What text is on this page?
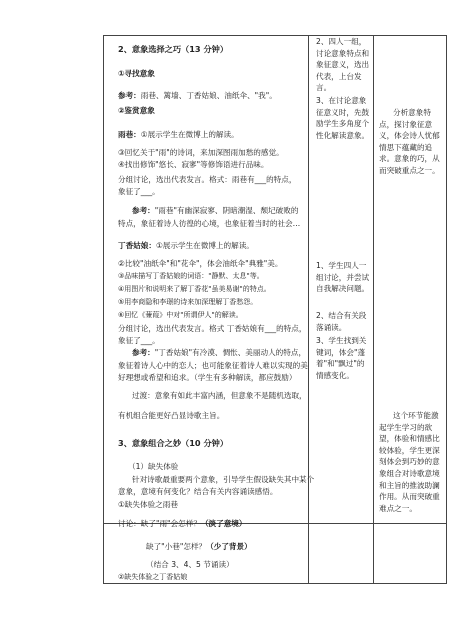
2、意象选择之巧（13 分钟）
①寻找意象
参考：雨巷、篱墙、丁香姑娘、油纸伞、"我"。
②鉴赏意象
雨巷：①展示学生在微博上的解读。
③回忆关于"雨"的诗词，来加深图雨加愁的感觉。
④找出修饰"悠长、寂寥"等修饰语进行品味。
分组讨论，选出代表发言。格式：雨巷有___的特点，
象征了___。
参考："雨巷"有幽深寂寥、阴暗潮湿、颓圮破败的
特点，象征着诗人彷徨的心境，也象征着当时的社会…
丁香姑娘：①展示学生在微博上的解读。
②比较"油纸伞"和"花伞"，体会油纸伞"典雅"美。
③品味描写丁香姑娘的词语："静默、太息"等。
④用图片和说明来了解丁香花"虽美易谢"的特点。
⑤用李商隐和李璟的诗来加深理解丁香愁怨。
⑥回忆《蒹葭》中对"所谓伊人"的解读。
分组讨论，选出代表发言。格式 丁香姑娘有___的特点，
象征了___。
参考："丁香姑娘"有冷漠、惆怅、美丽动人的特点，
象征着诗人心中的恋人；也可能象征着诗人难以实现的美
好理想或希望和追求。（学生有多种解读，都应鼓励）
过渡：意象有如此丰富内涵，但意象不是随机选取，
有机组合能更好凸显诗歌主旨。
3、意象组合之妙（10 分钟）
（1）缺失体验
针对诗歌最重要两个意象，引导学生假设缺失其中某个
意象，意境有何变化？结合有关内容诵读感悟。
①缺失体验之雨巷
讨论：缺了"雨"会怎样？（淡了意境）
缺了"小巷"怎样？（少了背景）
（结合 3、4、5 节诵读）
②缺失体验之丁香姑娘
2、四人一组，讨论意象特点和象征意义，选出代表，上台发言。
3、在讨论意象征意义时，先鼓励学生多角度个性化解读意象。
1、学生四人一组讨论，并尝试自我解决问题。
2、结合有关段落诵读。
3、学生找到关键词，体会"蓬着"和"飘过"的情感变化。
分析意象特点，探讨象征意义，体会诗人忧郁情思下蕴藏的追求。意象的巧，从而突破重点之一。
这个环节能激起学生学习的欲望，体验和情感比较体验，学生更深刻体会到巧妙的意象组合对诗歌意境和主旨的推波助澜作用。从而突破重难点之一。
